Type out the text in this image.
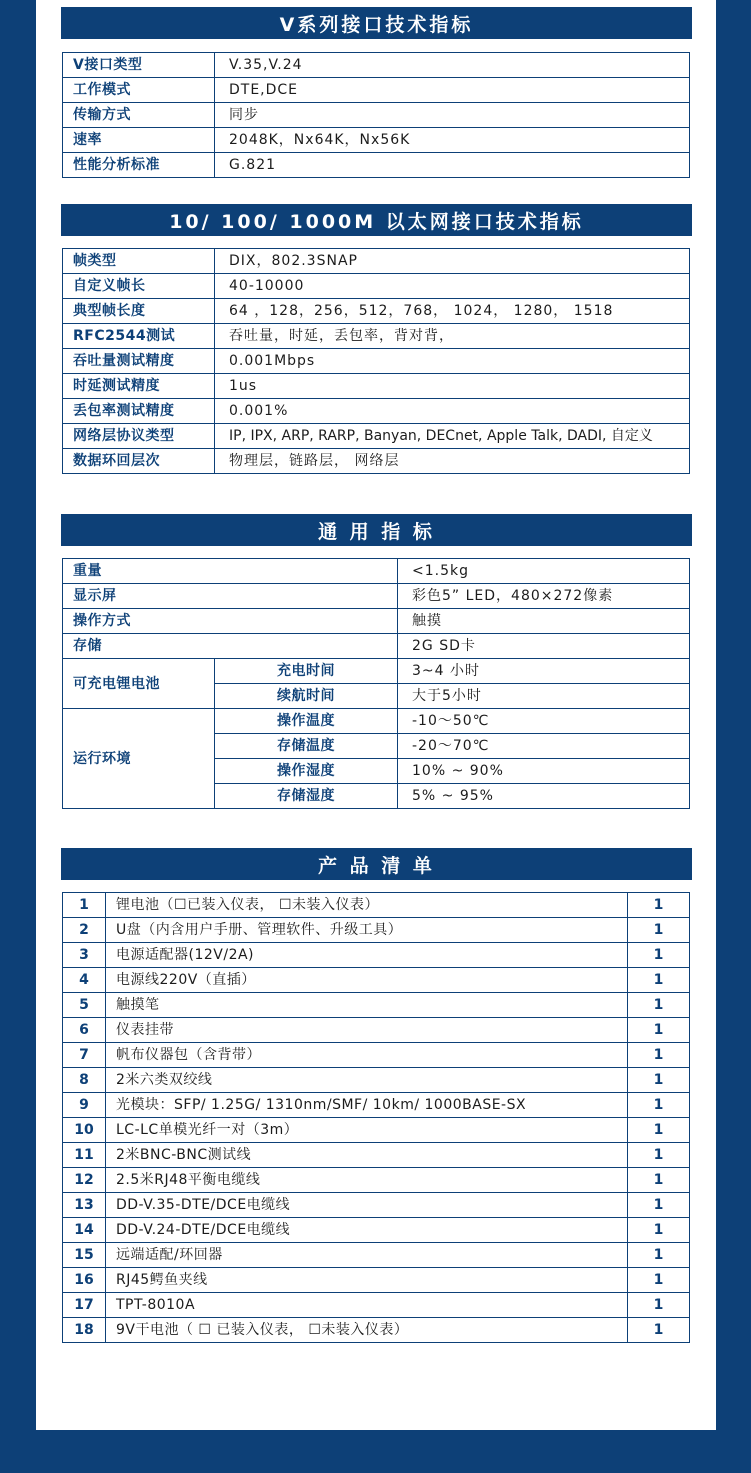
V系列接口技术指标
V接口类型	V.35,V.24
工作模式	DTE,DCE
传输方式	同步
速率	2048K，Nx64K，Nx56K
性能分析标准	G.821
10/ 100/ 1000M 以太网接口技术指标
帧类型	DIX，802.3SNAP
自定义帧长	40-10000
典型帧长度	64 ，128，256，512，768， 1024， 1280， 1518
RFC2544测试	吞吐量，时延，丢包率，背对背，
吞吐量测试精度	0.001Mbps
时延测试精度	1us
丢包率测试精度	0.001%
网络层协议类型	IP, IPX, ARP, RARP, Banyan, DECnet, Apple Talk, DADI, 自定义
数据环回层次	物理层，链路层， 网络层
通 用 指 标
重量		<1.5kg
显示屏		彩色5” LED，480×272像素
操作方式		触摸
存储		2G SD卡
可充电锂电池	充电时间	3~4 小时
	续航时间	大于5小时
运行环境	操作温度	-10～50℃
	存储温度	-20～70℃
	操作湿度	10% ~ 90%
	存储湿度	5% ~ 95%
产 品 清 单
1	锂电池（☐已装入仪表， ☐未装入仪表）	1
2	U盘（内含用户手册、管理软件、升级工具）	1
3	电源适配器(12V/2A)	1
4	电源线220V（直插）	1
5	触摸笔	1
6	仪表挂带	1
7	帆布仪器包（含背带）	1
8	2米六类双绞线	1
9	光模块：SFP/ 1.25G/ 1310nm/SMF/ 10km/ 1000BASE-SX	1
10	LC-LC单模光纤一对（3m）	1
11	2米BNC-BNC测试线	1
12	2.5米RJ48平衡电缆线	1
13	DD-V.35-DTE/DCE电缆线	1
14	DD-V.24-DTE/DCE电缆线	1
15	远端适配/环回器	1
16	RJ45鳄鱼夹线	1
17	TPT-8010A	1
18	9V干电池（ ☐ 已装入仪表， ☐未装入仪表）	1
